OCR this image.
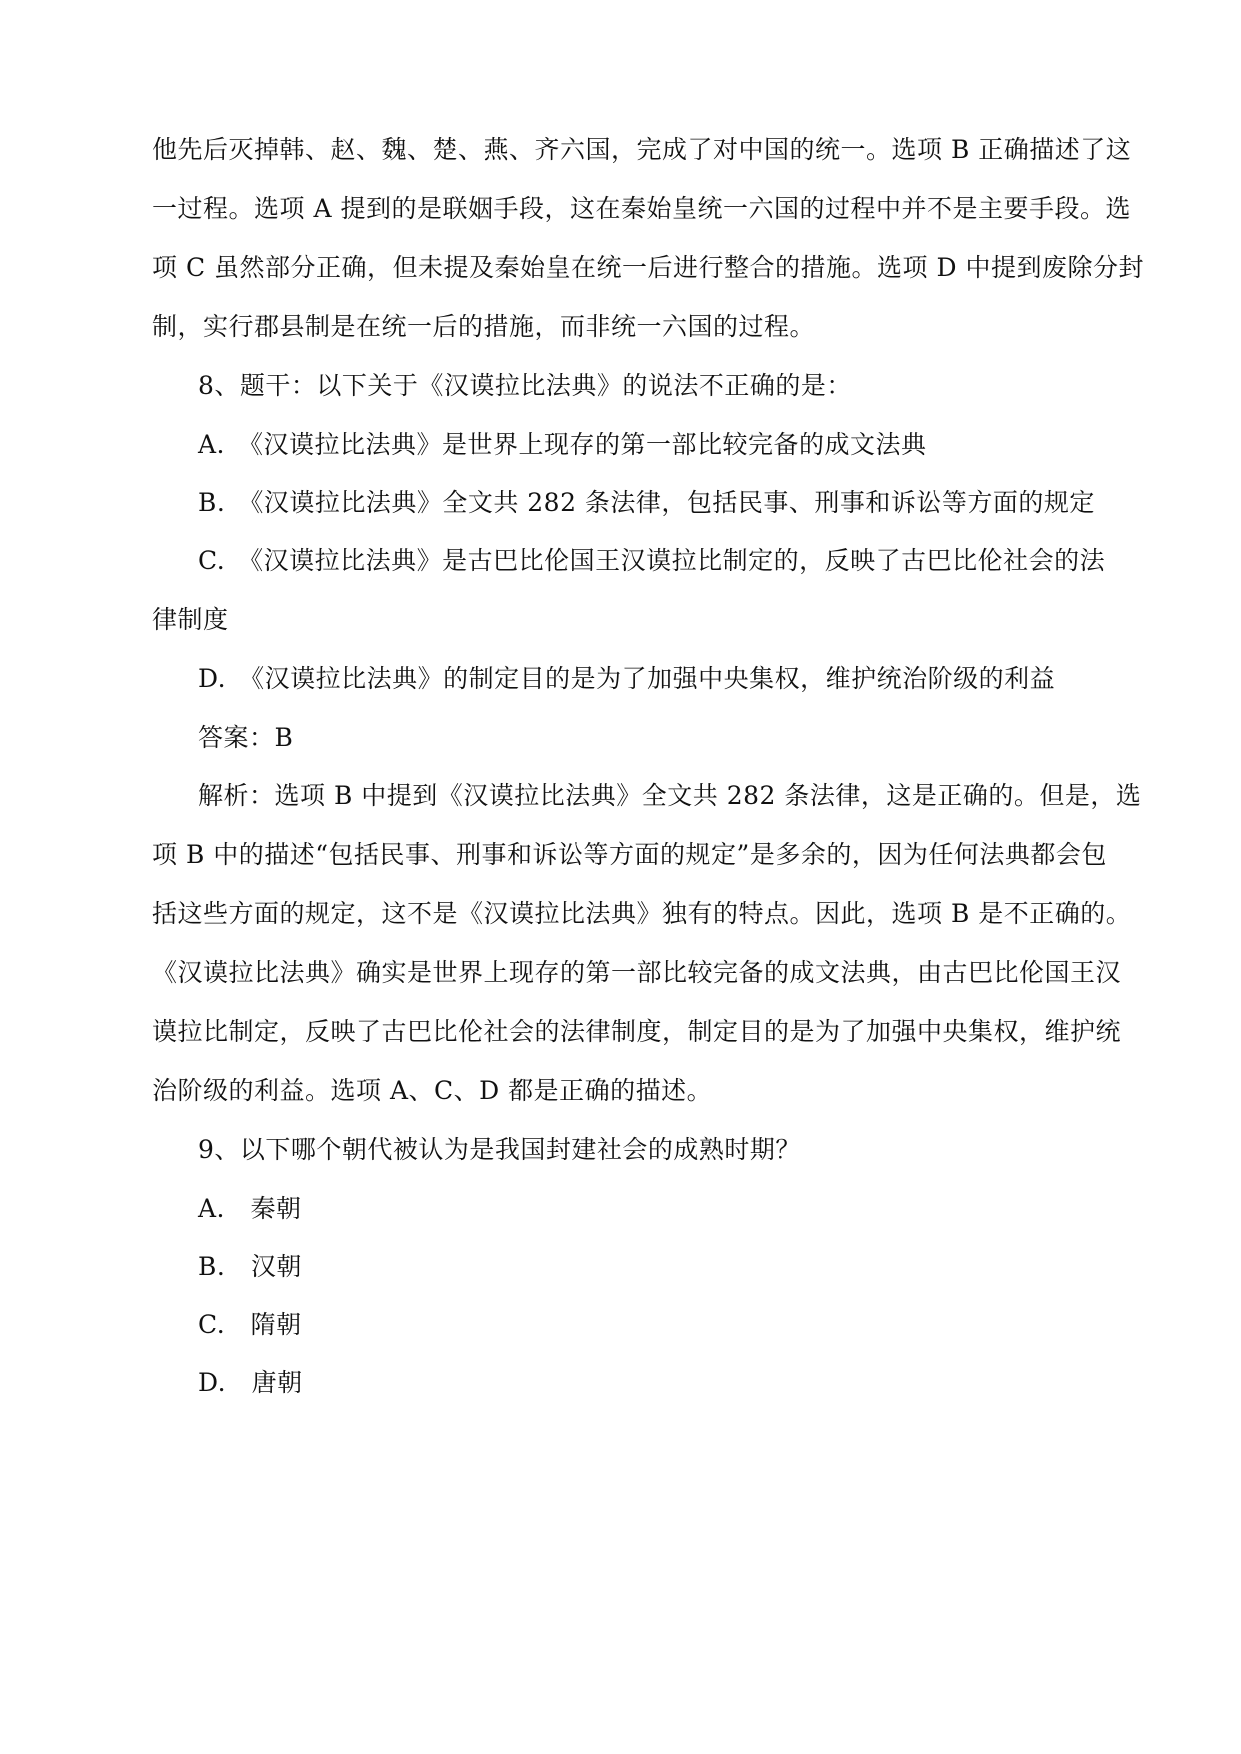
他先后灭掉韩、赵、魏、楚、燕、齐六国，完成了对中国的统一。选项 B 正确描述了这
一过程。选项 A 提到的是联姻手段，这在秦始皇统一六国的过程中并不是主要手段。选
项 C 虽然部分正确，但未提及秦始皇在统一后进行整合的措施。选项 D 中提到废除分封
制，实行郡县制是在统一后的措施，而非统一六国的过程。
8、题干：以下关于《汉谟拉比法典》的说法不正确的是：
A.　《汉谟拉比法典》是世界上现存的第一部比较完备的成文法典
B.　《汉谟拉比法典》全文共 282 条法律，包括民事、刑事和诉讼等方面的规定
C.　《汉谟拉比法典》是古巴比伦国王汉谟拉比制定的，反映了古巴比伦社会的法
律制度
D.　《汉谟拉比法典》的制定目的是为了加强中央集权，维护统治阶级的利益
答案：B
解析：选项 B 中提到《汉谟拉比法典》全文共 282 条法律，这是正确的。但是，选
项 B 中的描述“包括民事、刑事和诉讼等方面的规定”是多余的，因为任何法典都会包
括这些方面的规定，这不是《汉谟拉比法典》独有的特点。因此，选项 B 是不正确的。
《汉谟拉比法典》确实是世界上现存的第一部比较完备的成文法典，由古巴比伦国王汉
谟拉比制定，反映了古巴比伦社会的法律制度，制定目的是为了加强中央集权，维护统
治阶级的利益。选项 A、C、D 都是正确的描述。
9、以下哪个朝代被认为是我国封建社会的成熟时期？
A.　秦朝
B.　汉朝
C.　隋朝
D.　唐朝
